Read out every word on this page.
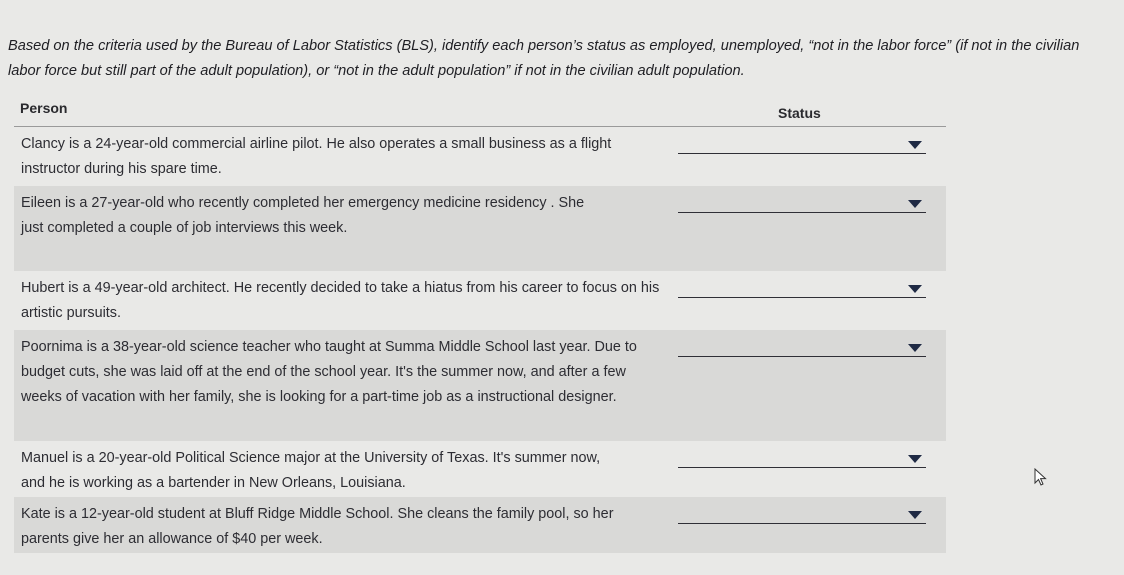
Based on the criteria used by the Bureau of Labor Statistics (BLS), identify each person’s status as employed, unemployed, “not in the labor force” (if not in the civilian labor force but still part of the adult population), or “not in the adult population” if not in the civilian adult population.
Person	Status
Clancy is a 24-year-old commercial airline pilot. He also operates a small business as a flight instructor during his spare time.
Eileen is a 27-year-old who recently completed her emergency medicine residency . She just completed a couple of job interviews this week.
Hubert is a 49-year-old architect. He recently decided to take a hiatus from his career to focus on his artistic pursuits.
Poornima is a 38-year-old science teacher who taught at Summa Middle School last year. Due to budget cuts, she was laid off at the end of the school year. It's the summer now, and after a few weeks of vacation with her family, she is looking for a part-time job as a instructional designer.
Manuel is a 20-year-old Political Science major at the University of Texas. It's summer now, and he is working as a bartender in New Orleans, Louisiana.
Kate is a 12-year-old student at Bluff Ridge Middle School. She cleans the family pool, so her parents give her an allowance of $40 per week.
